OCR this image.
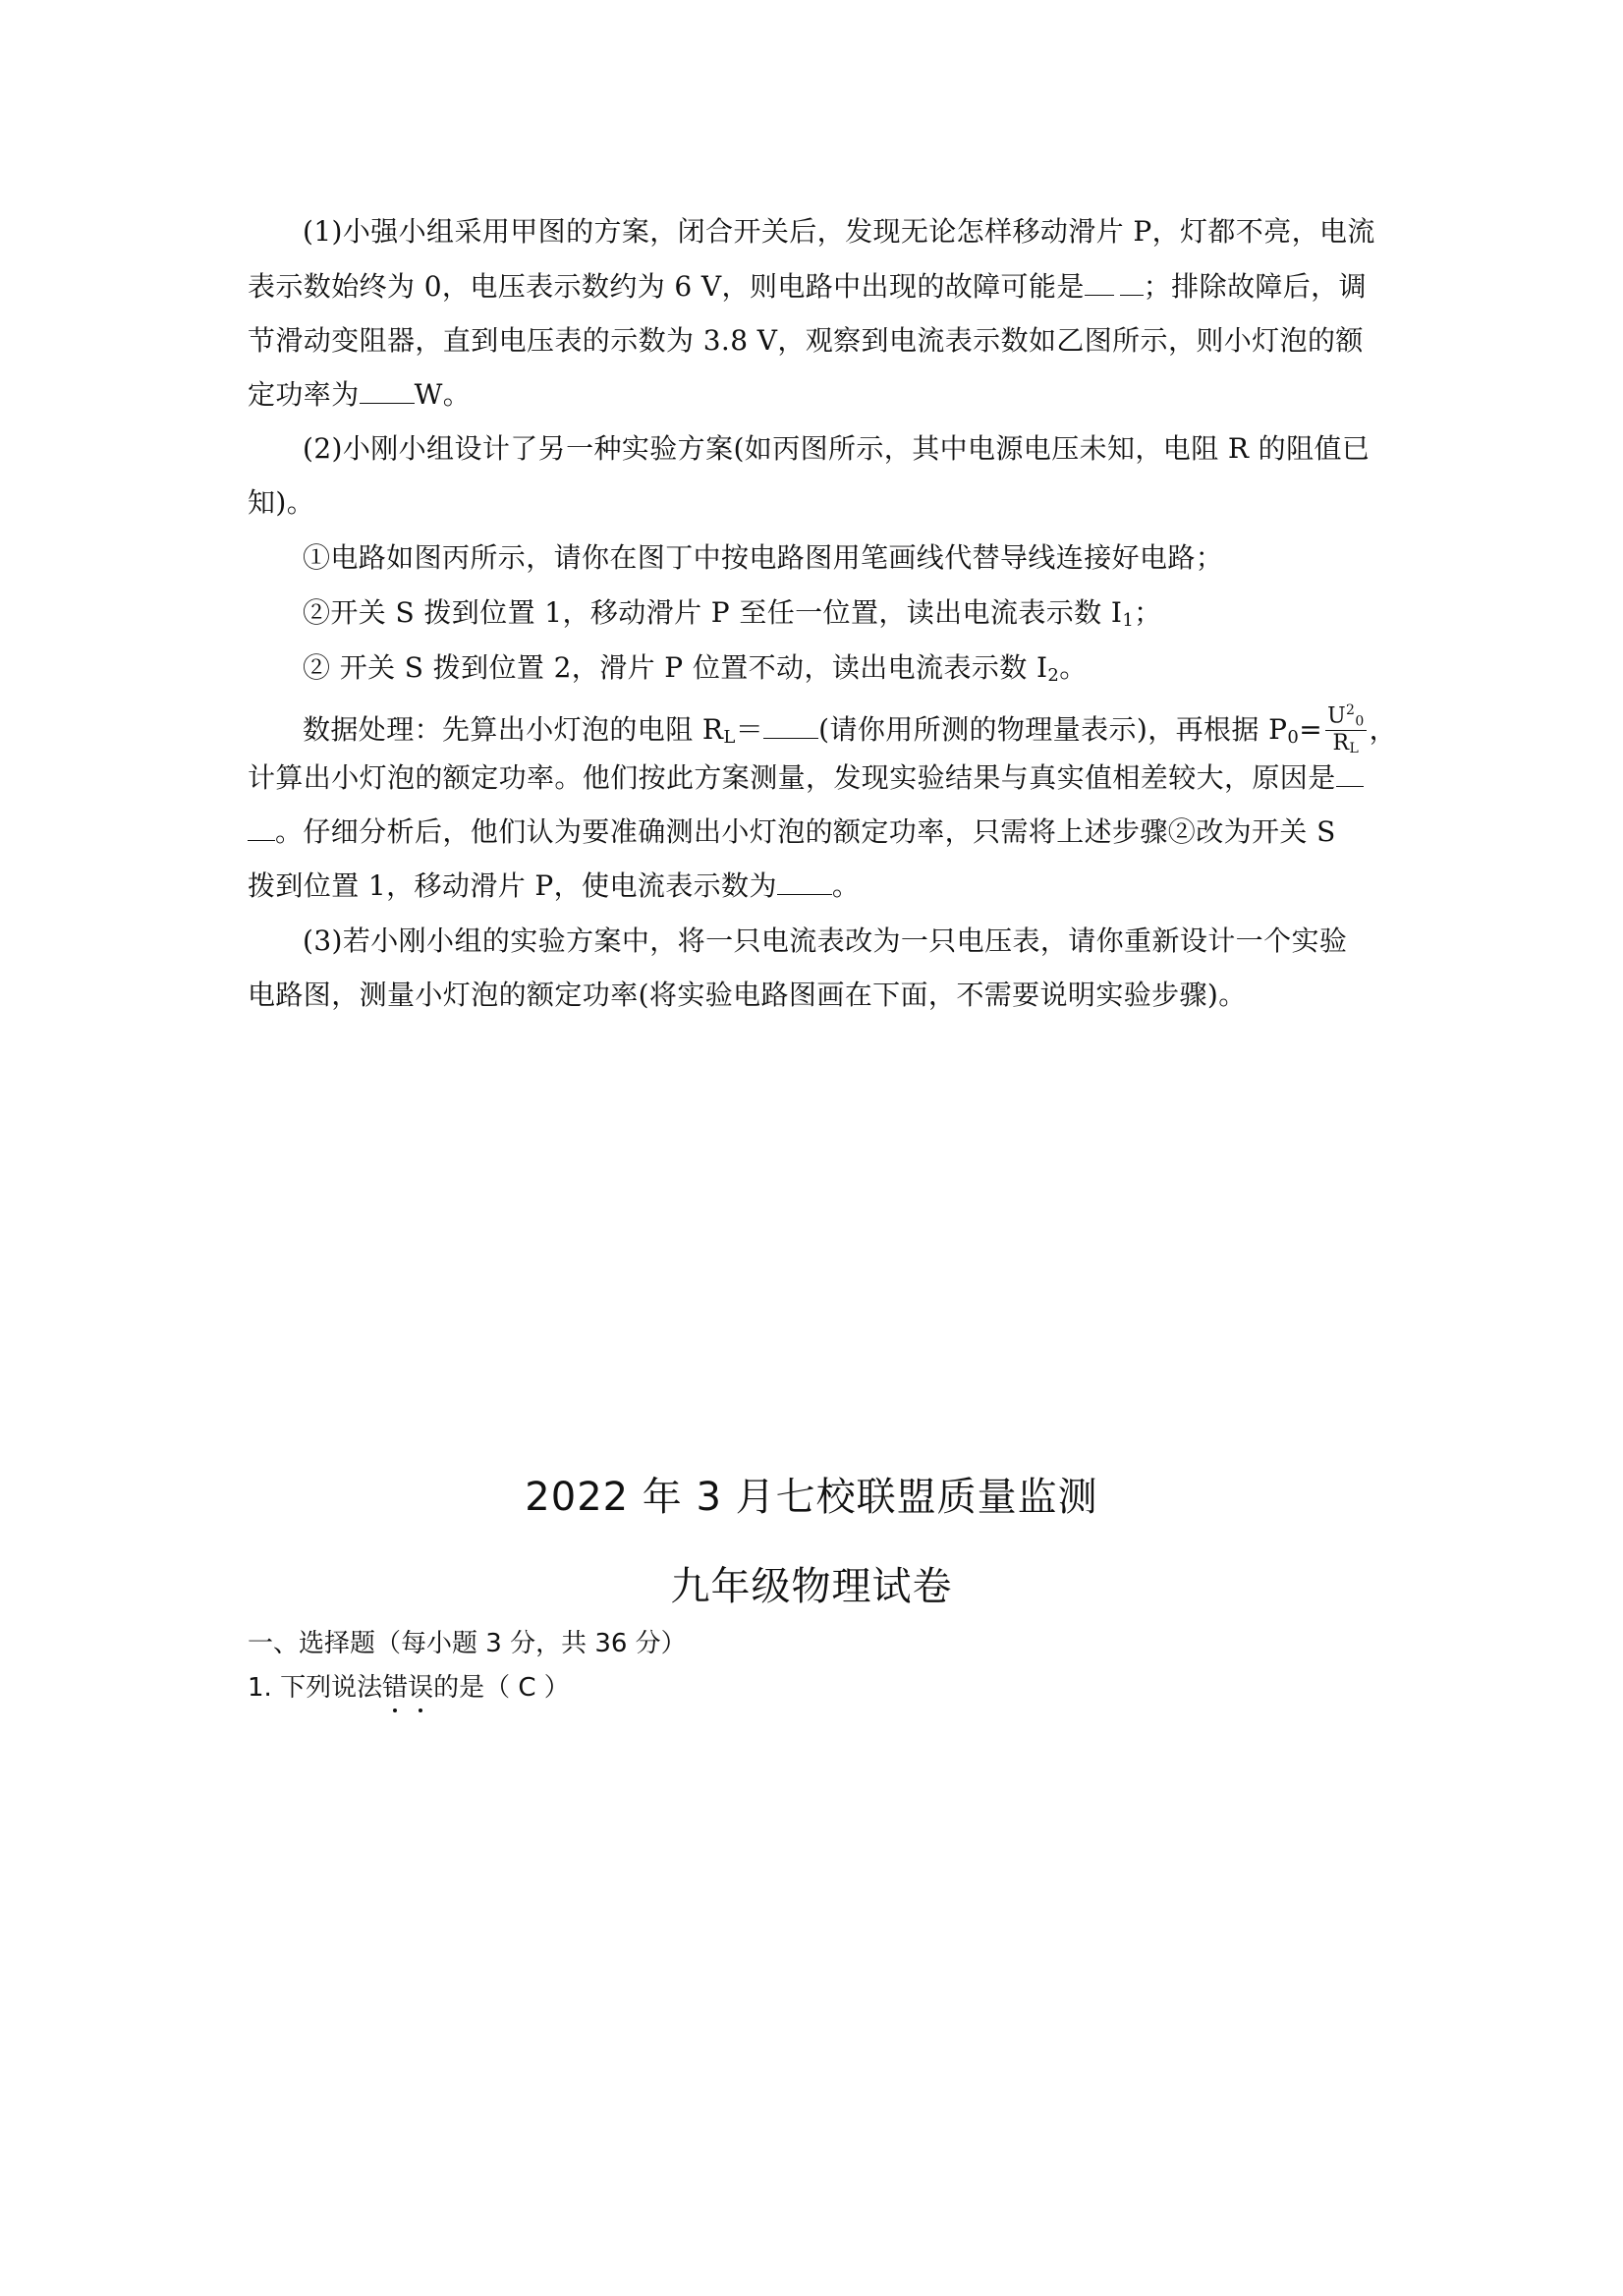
(1)小强小组采用甲图的方案，闭合开关后，发现无论怎样移动滑片 P，灯都不亮，电流
表示数始终为 0，电压表示数约为 6 V，则电路中出现的故障可能是 ；排除故障后，调
节滑动变阻器，直到电压表的示数为 3.8 V，观察到电流表示数如乙图所示，则小灯泡的额
定功率为 W。
(2)小刚小组设计了另一种实验方案(如丙图所示，其中电源电压未知，电阻 R 的阻值已
知)。
①电路如图丙所示，请你在图丁中按电路图用笔画线代替导线连接好电路；
②开关 S 拨到位置 1，移动滑片 P 至任一位置，读出电流表示数 $I_1$；
② 开关 S 拨到位置 2，滑片 P 位置不动，读出电流表示数 $I_2$。
数据处理：先算出小灯泡的电阻 $R_L=$ (请你用所测的物理量表示)，再根据 $P_0= \frac{U^20}{RL}$ ，
计算出小灯泡的额定功率。他们按此方案测量，发现实验结果与真实值相差较大，原因是
。仔细分析后，他们认为要准确测出小灯泡的额定功率，只需将上述步骤②改为开关 S
拨到位置 1，移动滑片 P，使电流表示数为 。
(3)若小刚小组的实验方案中，将一只电流表改为一只电压表，请你重新设计一个实验
电路图，测量小灯泡的额定功率(将实验电路图画在下面，不需要说明实验步骤)。
2022 年 3 月七校联盟质量监测
九年级物理试卷
一、选择题（每小题 3 分，共 36 分）
1. 下列说法错误的是（ C ）
